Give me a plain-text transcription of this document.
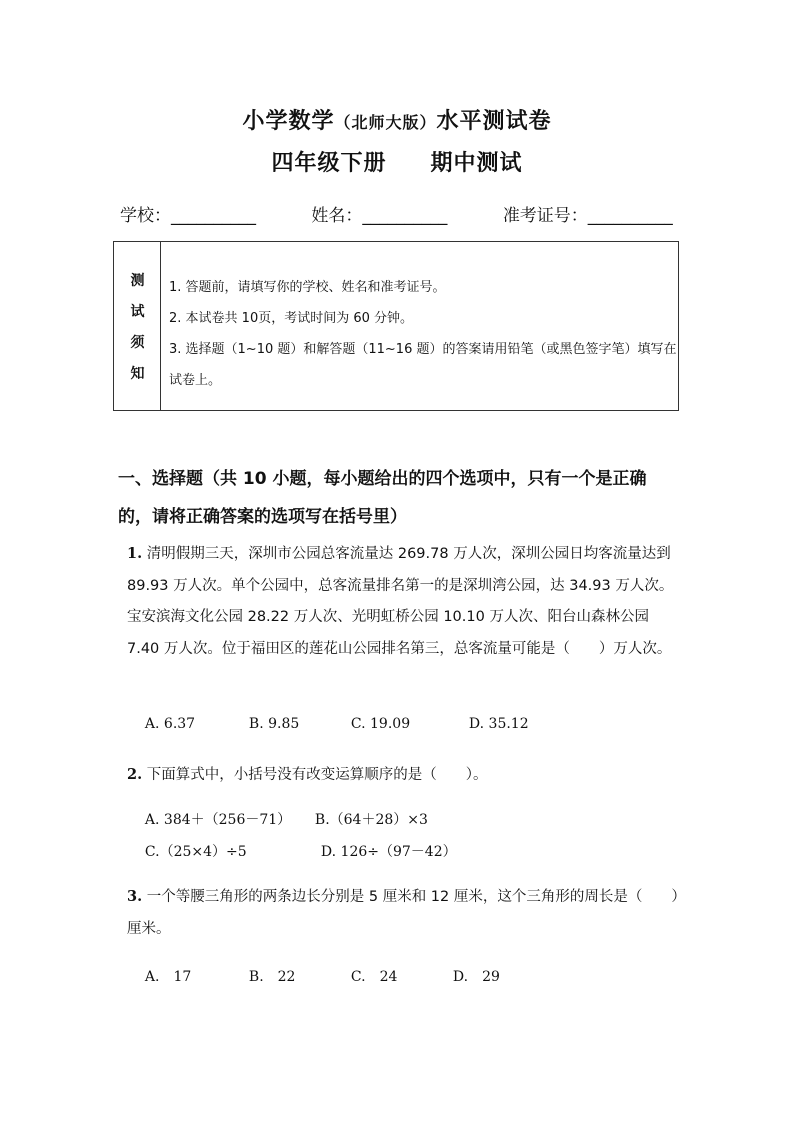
小学数学（北师大版）水平测试卷
四年级下册 期中测试
学校：__________	姓名：__________	准考证号：__________
测
试
须
知
1. 答题前，请填写你的学校、姓名和准考证号。
2. 本试卷共 10页，考试时间为 60 分钟。
3. 选择题（1~10 题）和解答题（11~16 题）的答案请用铅笔（或黑色签字笔）填写在试卷上。
一、选择题（共 10 小题，每小题给出的四个选项中，只有一个是正确的，请将正确答案的选项写在括号里）
1. 清明假期三天，深圳市公园总客流量达 269.78 万人次，深圳公园日均客流量达到 89.93 万人次。单个公园中，总客流量排名第一的是深圳湾公园，达 34.93 万人次。宝安滨海文化公园 28.22 万人次、光明虹桥公园 10.10 万人次、阳台山森林公园 7.40 万人次。位于福田区的莲花山公园排名第三，总客流量可能是（　　）万人次。

A. 6.37	B. 9.85	C. 19.09	D. 35.12

2. 下面算式中，小括号没有改变运算顺序的是（　　）。

A. 384＋（256－71） B.（64＋28）×3

C.（25×4）÷5	D. 126÷（97－42）

3. 一个等腰三角形的两条边长分别是 5 厘米和 12 厘米，这个三角形的周长是（　　）厘米。

A.　17	B.　22	C.　24	D.　29
